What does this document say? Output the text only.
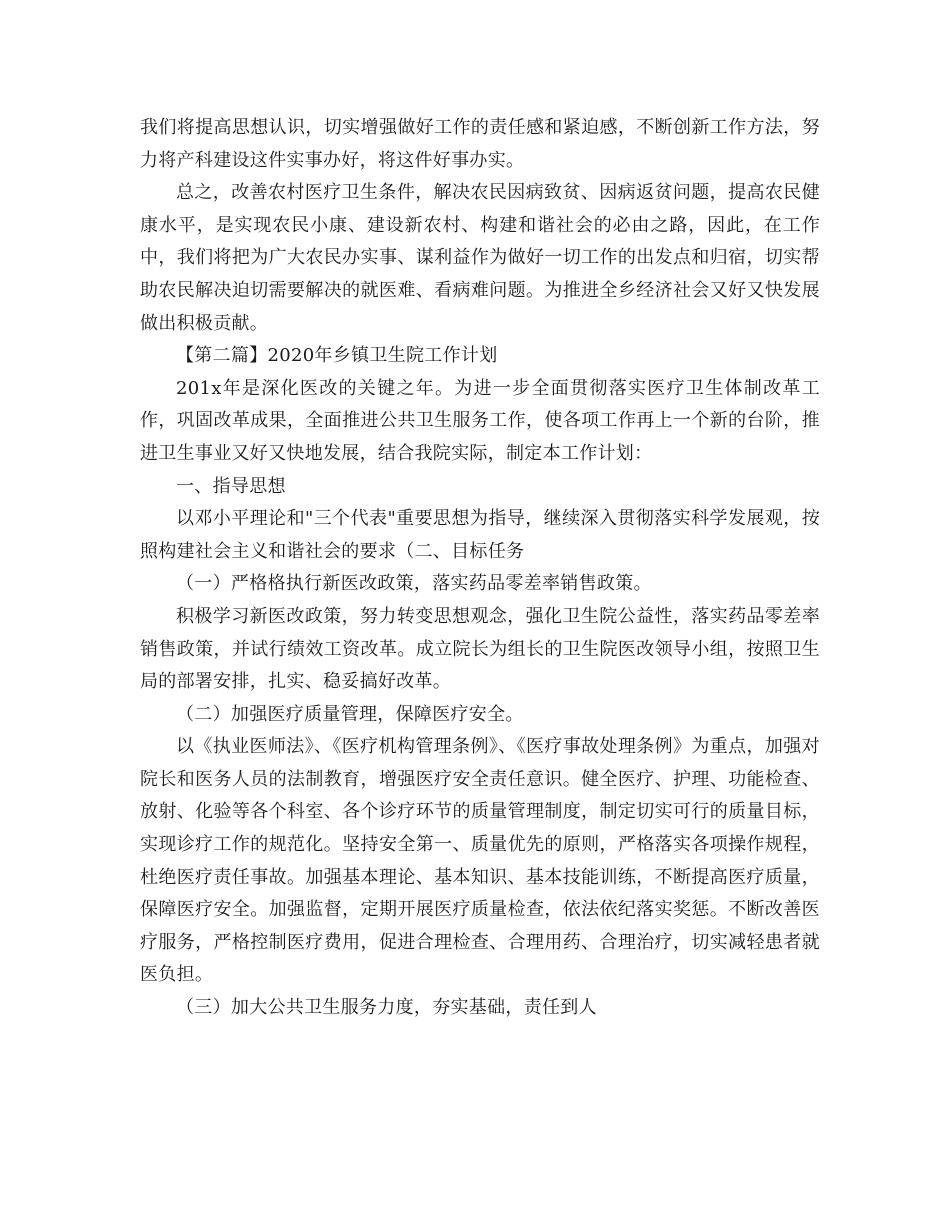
我们将提高思想认识，切实增强做好工作的责任感和紧迫感，不断创新工作方法，努力将产科建设这件实事办好，将这件好事办实。

总之，改善农村医疗卫生条件，解决农民因病致贫、因病返贫问题，提高农民健康水平，是实现农民小康、建设新农村、构建和谐社会的必由之路，因此，在工作中，我们将把为广大农民办实事、谋利益作为做好一切工作的出发点和归宿，切实帮助农民解决迫切需要解决的就医难、看病难问题。为推进全乡经济社会又好又快发展做出积极贡献。

【第二篇】2020年乡镇卫生院工作计划

201x年是深化医改的关键之年。为进一步全面贯彻落实医疗卫生体制改革工作，巩固改革成果，全面推进公共卫生服务工作，使各项工作再上一个新的台阶，推进卫生事业又好又快地发展，结合我院实际，制定本工作计划：

一、指导思想

以邓小平理论和"三个代表"重要思想为指导，继续深入贯彻落实科学发展观，按照构建社会主义和谐社会的要求（二、目标任务

（一）严格格执行新医改政策，落实药品零差率销售政策。

积极学习新医改政策，努力转变思想观念，强化卫生院公益性，落实药品零差率销售政策，并试行绩效工资改革。成立院长为组长的卫生院医改领导小组，按照卫生局的部署安排，扎实、稳妥搞好改革。

（二）加强医疗质量管理，保障医疗安全。

以《执业医师法》、《医疗机构管理条例》、《医疗事故处理条例》为重点，加强对院长和医务人员的法制教育，增强医疗安全责任意识。健全医疗、护理、功能检查、放射、化验等各个科室、各个诊疗环节的质量管理制度，制定切实可行的质量目标，实现诊疗工作的规范化。坚持安全第一、质量优先的原则，严格落实各项操作规程，杜绝医疗责任事故。加强基本理论、基本知识、基本技能训练，不断提高医疗质量，保障医疗安全。加强监督，定期开展医疗质量检查，依法依纪落实奖惩。不断改善医疗服务，严格控制医疗费用，促进合理检查、合理用药、合理治疗，切实减轻患者就医负担。

（三）加大公共卫生服务力度，夯实基础，责任到人
